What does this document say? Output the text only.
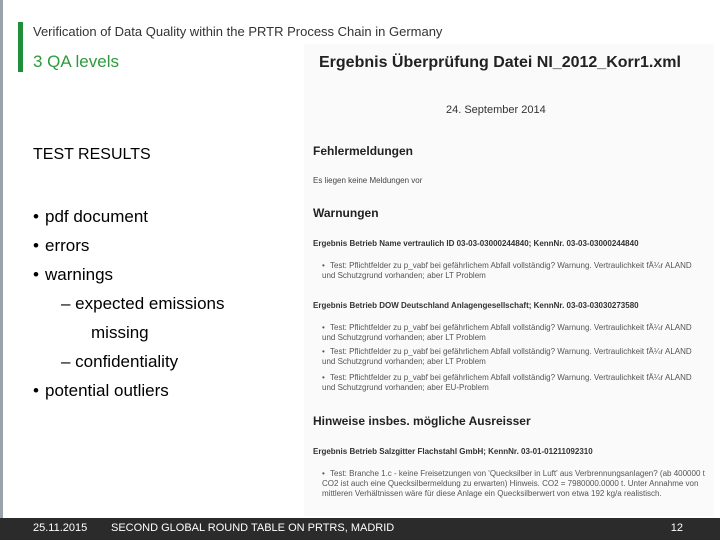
Verification of Data Quality within the PRTR Process Chain in Germany
3 QA levels
TEST RESULTS
• pdf document
• errors
• warnings
– expected emissions
missing
– confidentiality
• potential outliers
Ergebnis Überprüfung Datei NI_2012_Korr1.xml
24. September 2014
Fehlermeldungen
Es liegen keine Meldungen vor
Warnungen
Ergebnis Betrieb Name vertraulich ID 03-03-03000244840; KennNr. 03-03-03000244840
• Test: Pflichtfelder zu p_vabf bei gefährlichem Abfall vollständig? Warnung. Vertraulichkeit fÄ¼r ALAND und Schutzgrund vorhanden; aber LT Problem
Ergebnis Betrieb DOW Deutschland Anlagengesellschaft; KennNr. 03-03-03030273580
• Test: Pflichtfelder zu p_vabf bei gefährlichem Abfall vollständig? Warnung. Vertraulichkeit fÄ¼r ALAND und Schutzgrund vorhanden; aber LT Problem
• Test: Pflichtfelder zu p_vabf bei gefährlichem Abfall vollständig? Warnung. Vertraulichkeit fÄ¼r ALAND und Schutzgrund vorhanden; aber LT Problem
• Test: Pflichtfelder zu p_vabf bei gefährlichem Abfall vollständig? Warnung. Vertraulichkeit fÄ¼r ALAND und Schutzgrund vorhanden; aber EU-Problem
Hinweise insbes. mögliche Ausreisser
Ergebnis Betrieb Salzgitter Flachstahl GmbH; KennNr. 03-01-01211092310
• Test: Branche 1.c - keine Freisetzungen von 'Quecksilber in Luft' aus Verbrennungsanlagen? (ab 400000 t CO2 ist auch eine Quecksilbermeldung zu erwarten) Hinweis. CO2 = 7980000.0000 t. Unter Annahme von mittleren Verhältnissen wäre für diese Anlage ein Quecksilberwert von etwa 192 kg/a realistisch.
25.11.2015 SECOND GLOBAL ROUND TABLE ON PRTRS, MADRID	12
